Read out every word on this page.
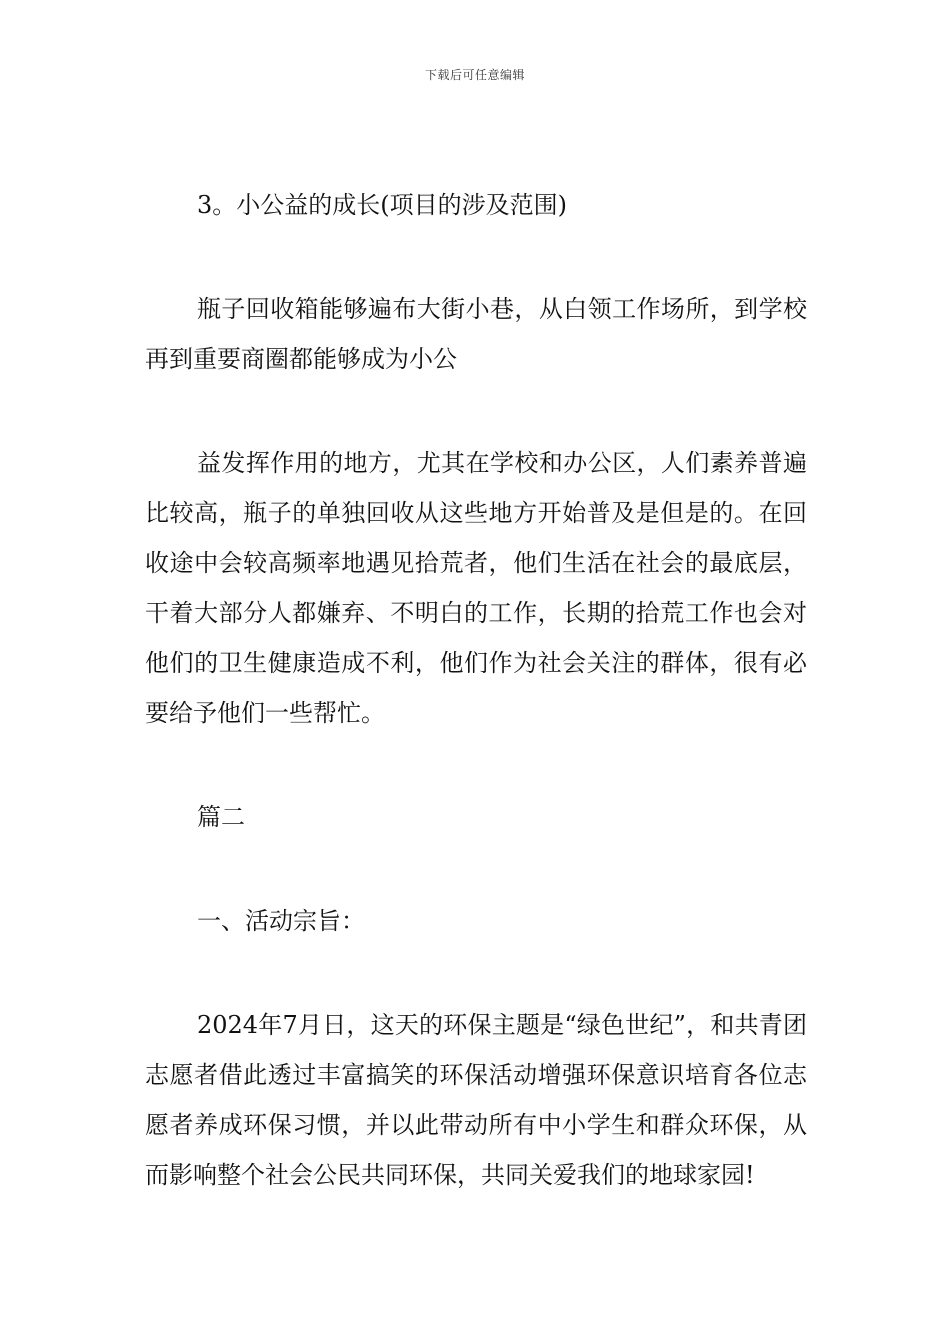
下载后可任意编辑

3。小公益的成长(项目的涉及范围)

瓶子回收箱能够遍布大街小巷，从白领工作场所，到学校再到重要商圈都能够成为小公

益发挥作用的地方，尤其在学校和办公区，人们素养普遍比较高，瓶子的单独回收从这些地方开始普及是但是的。在回收途中会较高频率地遇见拾荒者，他们生活在社会的最底层，干着大部分人都嫌弃、不明白的工作，长期的拾荒工作也会对他们的卫生健康造成不利，他们作为社会关注的群体，很有必要给予他们一些帮忙。

篇二

一、活动宗旨：

2024年7月日，这天的环保主题是“绿色世纪”，和共青团志愿者借此透过丰富搞笑的环保活动增强环保意识培育各位志愿者养成环保习惯，并以此带动所有中小学生和群众环保，从而影响整个社会公民共同环保，共同关爱我们的地球家园!
